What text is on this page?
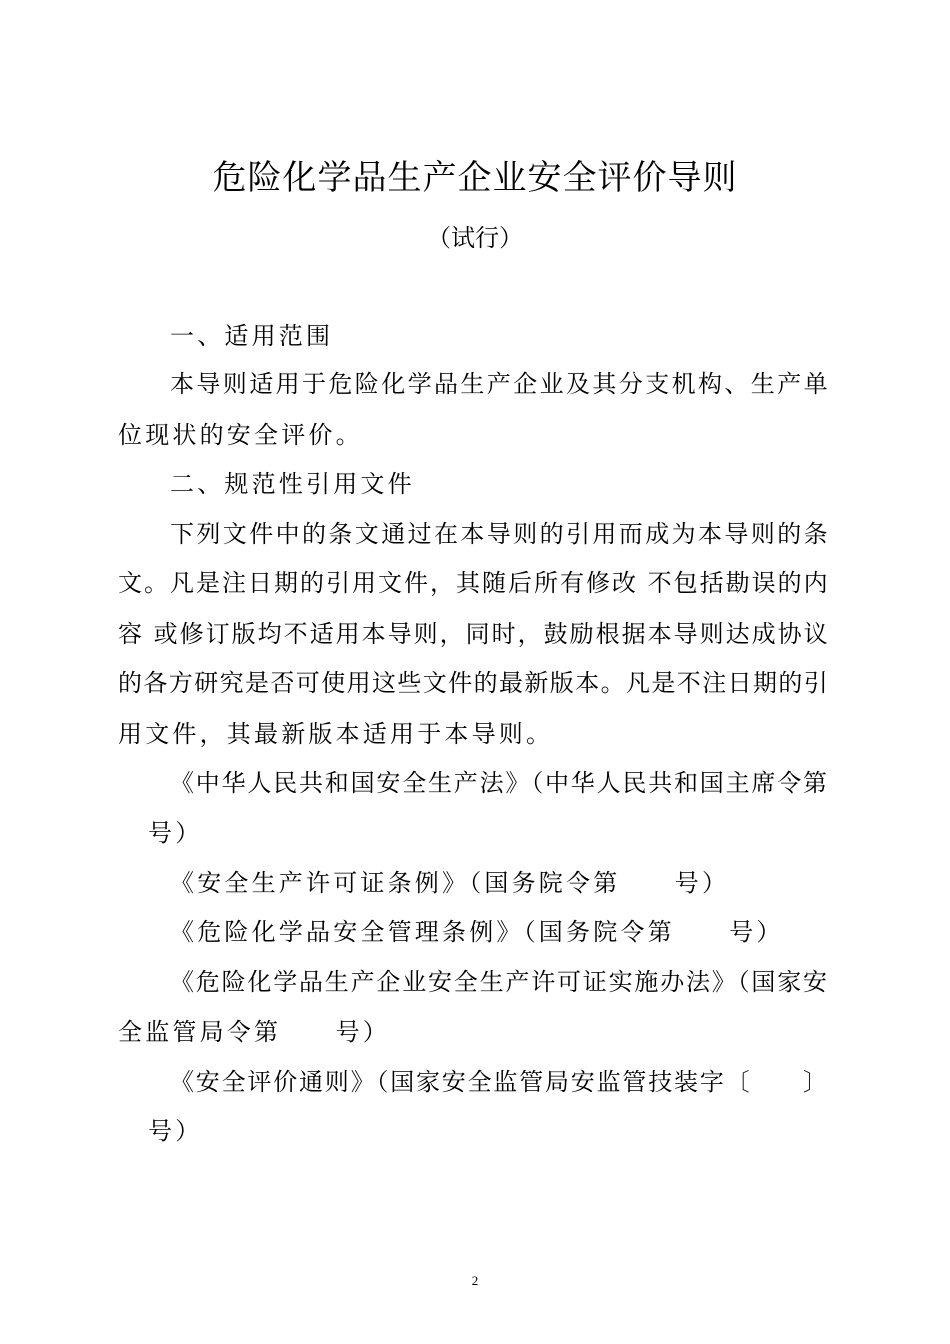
危险化学品生产企业安全评价导则
（试行）
一、适用范围
本导则适用于危险化学品生产企业及其分支机构、生产单
位现状的安全评价。
二、规范性引用文件
下列文件中的条文通过在本导则的引用而成为本导则的条
文。凡是注日期的引用文件，其随后所有修改 不包括勘误的内
容 或修订版均不适用本导则，同时，鼓励根据本导则达成协议
的各方研究是否可使用这些文件的最新版本。凡是不注日期的引
用文件，其最新版本适用于本导则。
《中华人民共和国安全生产法》（中华人民共和国主席令第
号）
《安全生产许可证条例》（国务院令第　　号）
《危险化学品安全管理条例》（国务院令第　　号）
《危险化学品生产企业安全生产许可证实施办法》（国家安
全监管局令第　　号）
《安全评价通则》（国家安全监管局安监管技装字〔　　〕
号）
2
